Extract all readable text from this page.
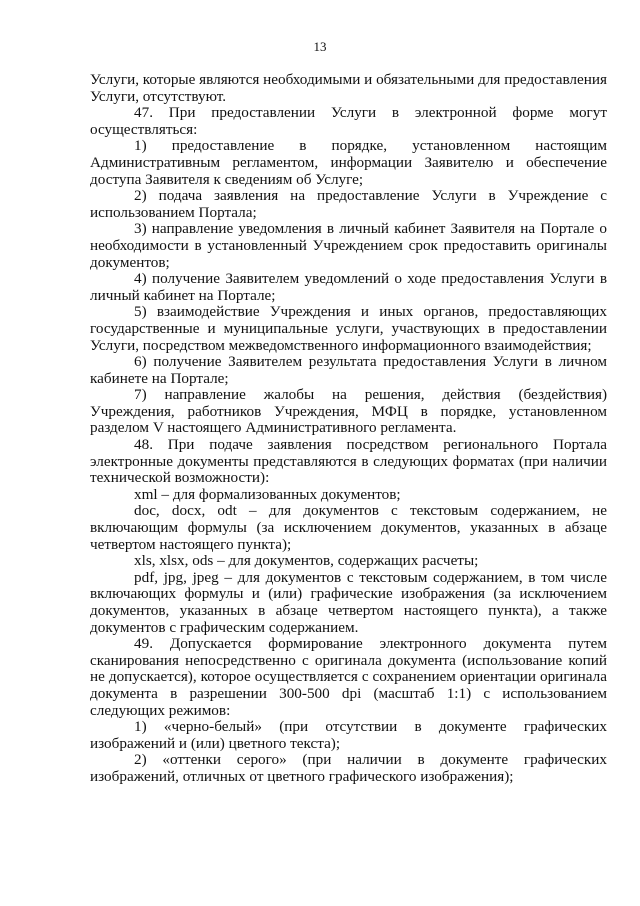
13

Услуги, которые являются необходимыми и обязательными для предоставления Услуги, отсутствуют.

47. При предоставлении Услуги в электронной форме могут осуществляться:

1) предоставление в порядке, установленном настоящим Административным регламентом, информации Заявителю и обеспечение доступа Заявителя к сведениям об Услуге;

2) подача заявления на предоставление Услуги в Учреждение с использованием Портала;

3) направление уведомления в личный кабинет Заявителя на Портале о необходимости в установленный Учреждением срок предоставить оригиналы документов;

4) получение Заявителем уведомлений о ходе предоставления Услуги в личный кабинет на Портале;

5) взаимодействие Учреждения и иных органов, предоставляющих государственные и муниципальные услуги, участвующих в предоставлении Услуги, посредством межведомственного информационного взаимодействия;

6) получение Заявителем результата предоставления Услуги в личном кабинете на Портале;

7) направление жалобы на решения, действия (бездействия) Учреждения, работников Учреждения, МФЦ в порядке, установленном разделом V настоящего Административного регламента.

48. При подаче заявления посредством регионального Портала электронные документы представляются в следующих форматах (при наличии технической возможности):

xml – для формализованных документов;

doc, docx, odt – для документов с текстовым содержанием, не включающим формулы (за исключением документов, указанных в абзаце четвертом настоящего пункта);

xls, xlsx, ods – для документов, содержащих расчеты;

pdf, jpg, jpeg – для документов с текстовым содержанием, в том числе включающих формулы и (или) графические изображения (за исключением документов, указанных в абзаце четвертом настоящего пункта), а также документов с графическим содержанием.

49. Допускается формирование электронного документа путем сканирования непосредственно с оригинала документа (использование копий не допускается), которое осуществляется с сохранением ориентации оригинала документа в разрешении 300-500 dpi (масштаб 1:1) с использованием следующих режимов:

1) «черно-белый» (при отсутствии в документе графических изображений и (или) цветного текста);

2) «оттенки серого» (при наличии в документе графических изображений, отличных от цветного графического изображения);
